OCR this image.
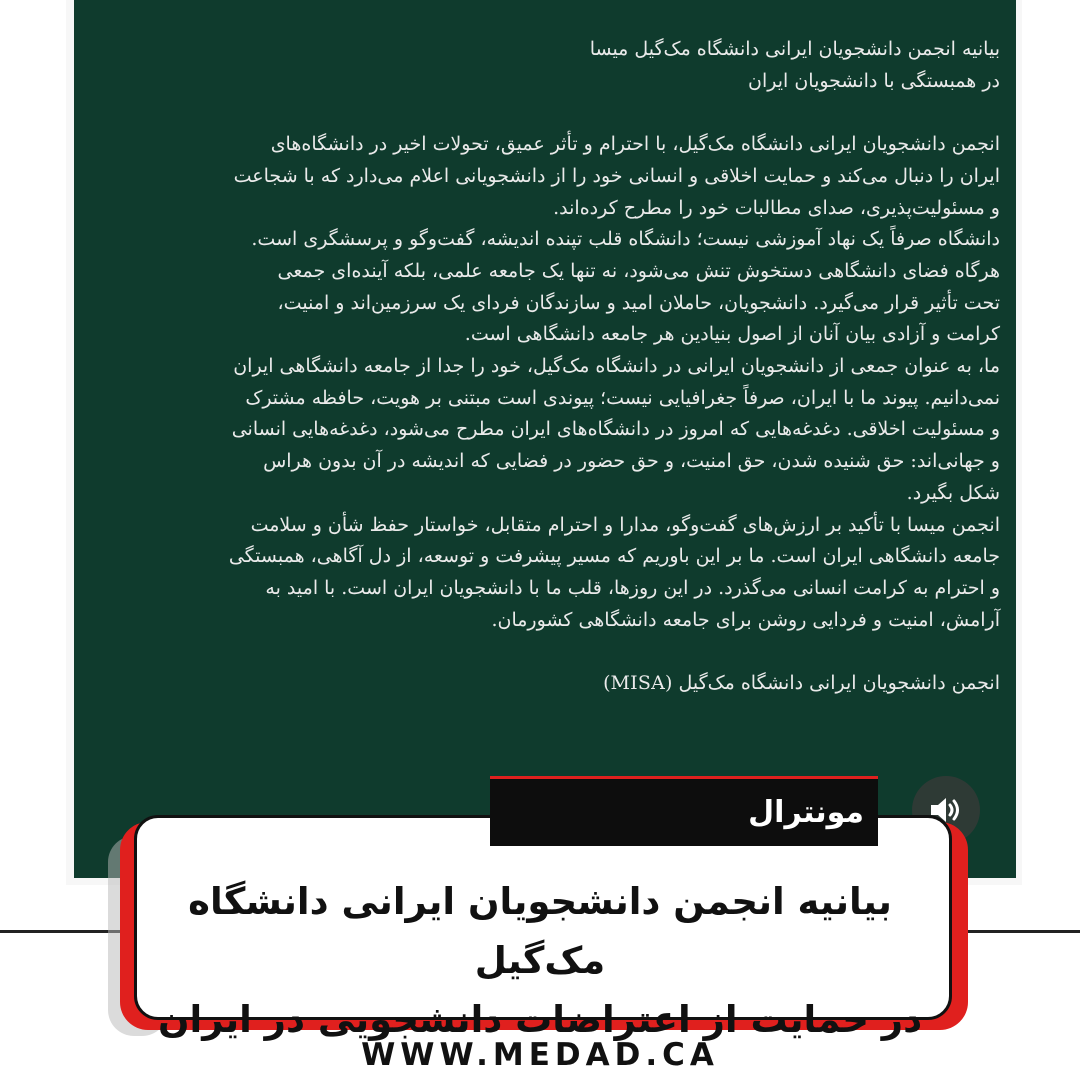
بیانیه انجمن دانشجویان ایرانی دانشگاه مک‌گیل میسا
در همبستگی با دانشجویان ایران
انجمن دانشجویان ایرانی دانشگاه مک‌گیل، با احترام و تأثر عمیق، تحولات اخیر در دانشگاه‌های
ایران را دنبال می‌کند و حمایت اخلاقی و انسانی خود را از دانشجویانی اعلام می‌دارد که با شجاعت
و مسئولیت‌پذیری، صدای مطالبات خود را مطرح کرده‌اند.
دانشگاه صرفاً یک نهاد آموزشی نیست؛ دانشگاه قلب تپنده اندیشه، گفت‌وگو و پرسشگری است.
هرگاه فضای دانشگاهی دستخوش تنش می‌شود، نه تنها یک جامعه علمی، بلکه آینده‌ای جمعی
تحت تأثیر قرار می‌گیرد. دانشجویان، حاملان امید و سازندگان فردای یک سرزمین‌اند و امنیت،
کرامت و آزادی بیان آنان از اصول بنیادین هر جامعه دانشگاهی است.
ما، به عنوان جمعی از دانشجویان ایرانی در دانشگاه مک‌گیل، خود را جدا از جامعه دانشگاهی ایران
نمی‌دانیم. پیوند ما با ایران، صرفاً جغرافیایی نیست؛ پیوندی است مبتنی بر هویت، حافظه مشترک
و مسئولیت اخلاقی. دغدغه‌هایی که امروز در دانشگاه‌های ایران مطرح می‌شود، دغدغه‌هایی انسانی
و جهانی‌اند: حق شنیده شدن، حق امنیت، و حق حضور در فضایی که اندیشه در آن بدون هراس
شکل بگیرد.
انجمن میسا با تأکید بر ارزش‌های گفت‌وگو، مدارا و احترام متقابل، خواستار حفظ شأن و سلامت
جامعه دانشگاهی ایران است. ما بر این باوریم که مسیر پیشرفت و توسعه، از دل آگاهی، همبستگی
و احترام به کرامت انسانی می‌گذرد. در این روزها، قلب ما با دانشجویان ایران است. با امید به
آرامش، امنیت و فردایی روشن برای جامعه دانشگاهی کشورمان.
انجمن دانشجویان ایرانی دانشگاه مک‌گیل (MISA)
بیانیه انجمن دانشجویان ایرانی دانشگاه مک‌گیل
در حمایت از اعتراضات دانشجویی در ایران
مونترال
WWW.MEDAD.CA
